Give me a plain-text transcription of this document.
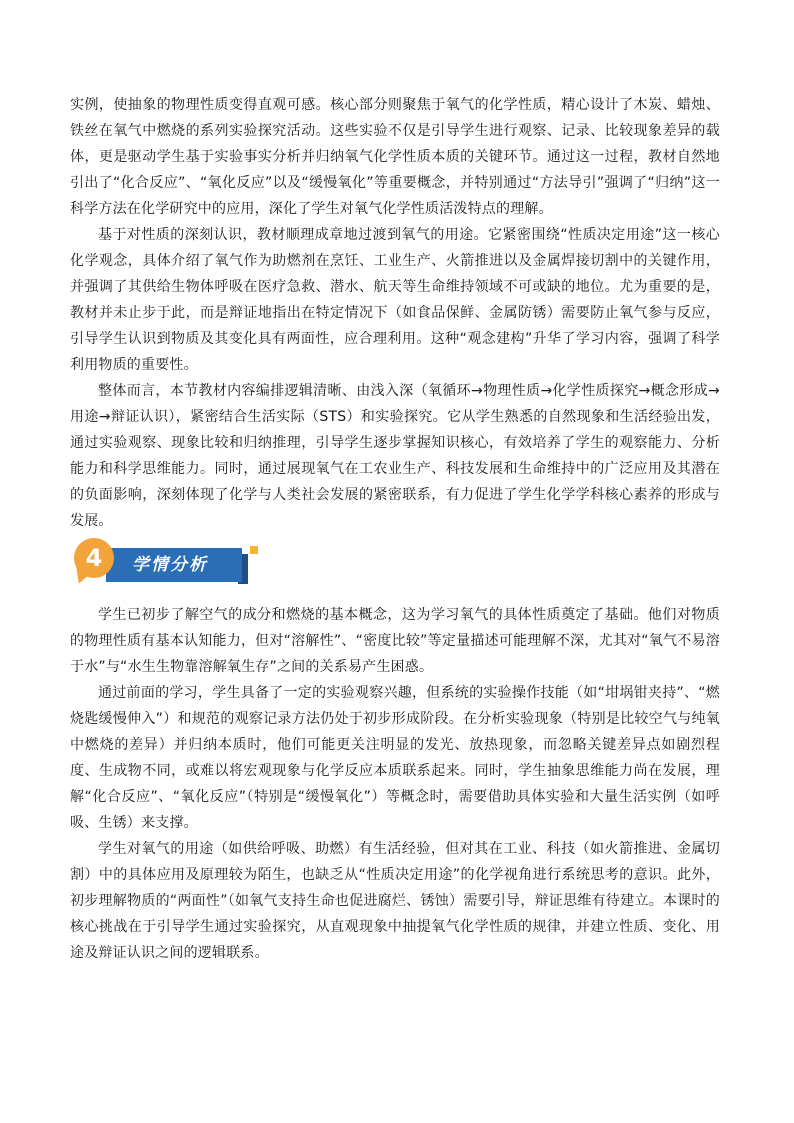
实例，使抽象的物理性质变得直观可感。核心部分则聚焦于氧气的化学性质，精心设计了木炭、蜡烛、铁丝在氧气中燃烧的系列实验探究活动。这些实验不仅是引导学生进行观察、记录、比较现象差异的载体，更是驱动学生基于实验事实分析并归纳氧气化学性质本质的关键环节。通过这一过程，教材自然地引出了“化合反应”、“氧化反应”以及“缓慢氧化”等重要概念，并特别通过“方法导引”强调了“归纳”这一科学方法在化学研究中的应用，深化了学生对氧气化学性质活泼特点的理解。

基于对性质的深刻认识，教材顺理成章地过渡到氧气的用途。它紧密围绕“性质决定用途”这一核心化学观念，具体介绍了氧气作为助燃剂在烹饪、工业生产、火箭推进以及金属焊接切割中的关键作用，并强调了其供给生物体呼吸在医疗急救、潜水、航天等生命维持领域不可或缺的地位。尤为重要的是，教材并未止步于此，而是辩证地指出在特定情况下（如食品保鲜、金属防锈）需要防止氧气参与反应，引导学生认识到物质及其变化具有两面性，应合理利用。这种“观念建构”升华了学习内容，强调了科学利用物质的重要性。

整体而言，本节教材内容编排逻辑清晰、由浅入深（氧循环→物理性质→化学性质探究→概念形成→用途→辩证认识），紧密结合生活实际（STS）和实验探究。它从学生熟悉的自然现象和生活经验出发，通过实验观察、现象比较和归纳推理，引导学生逐步掌握知识核心，有效培养了学生的观察能力、分析能力和科学思维能力。同时，通过展现氧气在工农业生产、科技发展和生命维持中的广泛应用及其潜在的负面影响，深刻体现了化学与人类社会发展的紧密联系，有力促进了学生化学学科核心素养的形成与发展。

4	学情分析

学生已初步了解空气的成分和燃烧的基本概念，这为学习氧气的具体性质奠定了基础。他们对物质的物理性质有基本认知能力，但对“溶解性”、“密度比较”等定量描述可能理解不深，尤其对“氧气不易溶于水”与“水生生物靠溶解氧生存”之间的关系易产生困惑。

通过前面的学习，学生具备了一定的实验观察兴趣，但系统的实验操作技能（如“坩埚钳夹持”、“燃烧匙缓慢伸入”）和规范的观察记录方法仍处于初步形成阶段。在分析实验现象（特别是比较空气与纯氧中燃烧的差异）并归纳本质时，他们可能更关注明显的发光、放热现象，而忽略关键差异点如剧烈程度、生成物不同，或难以将宏观现象与化学反应本质联系起来。同时，学生抽象思维能力尚在发展，理解“化合反应”、“氧化反应”（特别是“缓慢氧化”）等概念时，需要借助具体实验和大量生活实例（如呼吸、生锈）来支撑。

学生对氧气的用途（如供给呼吸、助燃）有生活经验，但对其在工业、科技（如火箭推进、金属切割）中的具体应用及原理较为陌生，也缺乏从“性质决定用途”的化学视角进行系统思考的意识。此外，初步理解物质的“两面性”（如氧气支持生命也促进腐烂、锈蚀）需要引导，辩证思维有待建立。本课时的核心挑战在于引导学生通过实验探究，从直观现象中抽提氧气化学性质的规律，并建立性质、变化、用途及辩证认识之间的逻辑联系。
